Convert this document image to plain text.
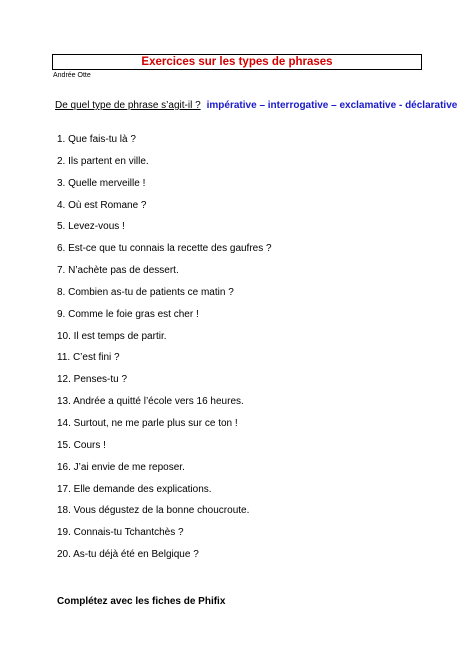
Exercices sur les types de phrases
Andrée Otte
De quel type de phrase s’agit-il ? impérative – interrogative – exclamative - déclarative
1. Que fais-tu là ?
2. Ils partent en ville.
3. Quelle merveille !
4. Où est Romane ?
5. Levez-vous !
6. Est-ce que tu connais la recette des gaufres ?
7. N’achète pas de dessert.
8. Combien as-tu de patients ce matin ?
9. Comme le foie gras est cher !
10. Il est temps de partir.
11. C’est fini ?
12. Penses-tu ?
13. Andrée a quitté l’école vers 16 heures.
14. Surtout, ne me parle plus sur ce ton !
15. Cours !
16. J’ai envie de me reposer.
17. Elle demande des explications.
18. Vous dégustez de la bonne choucroute.
19. Connais-tu Tchantchès ?
20. As-tu déjà été en Belgique ?
Complétez avec les fiches de Phifix
